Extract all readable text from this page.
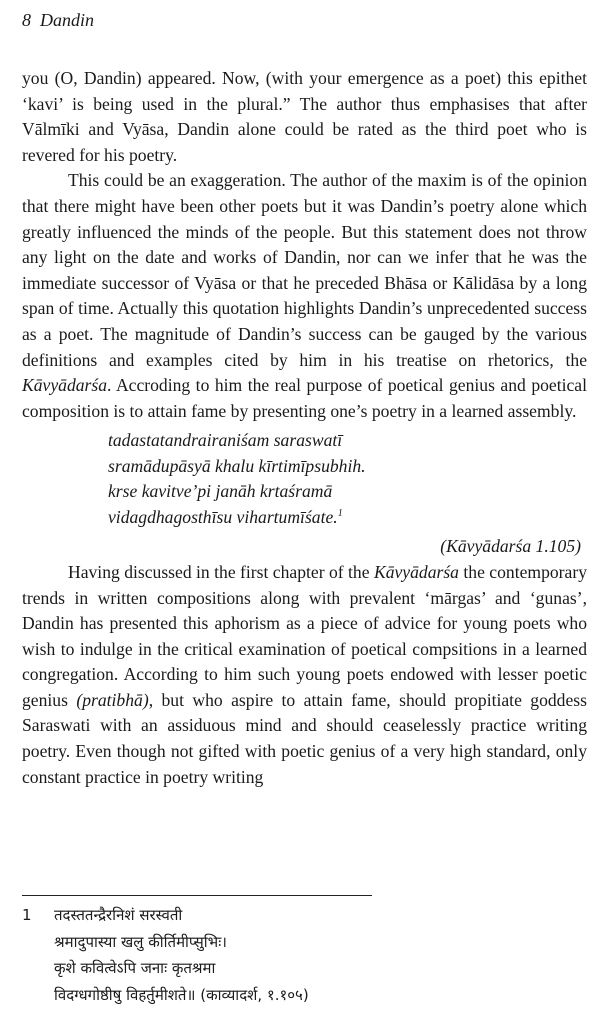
8 Dandin

you (O, Dandin) appeared. Now, (with your emergence as a poet) this epithet ‘kavi’ is being used in the plural.” The author thus emphasises that after Vālmīki and Vyāsa, Dandin alone could be rated as the third poet who is revered for his poetry.

This could be an exaggeration. The author of the maxim is of the opinion that there might have been other poets but it was Dandin’s poetry alone which greatly influenced the minds of the people. But this statement does not throw any light on the date and works of Dandin, nor can we infer that he was the immediate successor of Vyāsa or that he preceded Bhāsa or Kālidāsa by a long span of time. Actually this quotation highlights Dandin’s unprecedented success as a poet. The magnitude of Dandin’s success can be gauged by the various definitions and examples cited by him in his treatise on rhetorics, the Kāvyādarśa. Accroding to him the real purpose of poetical genius and poetical composition is to attain fame by presenting one’s poetry in a learned assembly.

tadastatandrairaniśam saraswatī
sramādupāsyā khalu kīrtimīpsubhih.
krse kavitve’pi janāh krtaśramā
vidagdhagosthīsu vihartumīśate.$^1$
(Kāvyādarśa 1.105)

Having discussed in the first chapter of the Kāvyādarśa the contemporary trends in written compositions along with prevalent ‘mārgas’ and ‘gunas’, Dandin has presented this aphorism as a piece of advice for young poets who wish to indulge in the critical examination of poetical compsitions in a learned congregation. According to him such young poets endowed with lesser poetic genius (pratibhā), but who aspire to attain fame, should propitiate goddess Saraswati with an assiduous mind and should ceaselessly practice writing poetry. Even though not gifted with poetic genius of a very high standard, only constant practice in poetry writing

1 तदस्ततन्द्रैरनिशं सरस्वती
श्रमादुपास्या खलु कीर्तिमीप्सुभिः।
कृशे कवित्वेऽपि जनाः कृतश्रमा
विदग्धगोष्ठीषु विहर्तुमीशते॥ (काव्यादर्श, १.१०५)
